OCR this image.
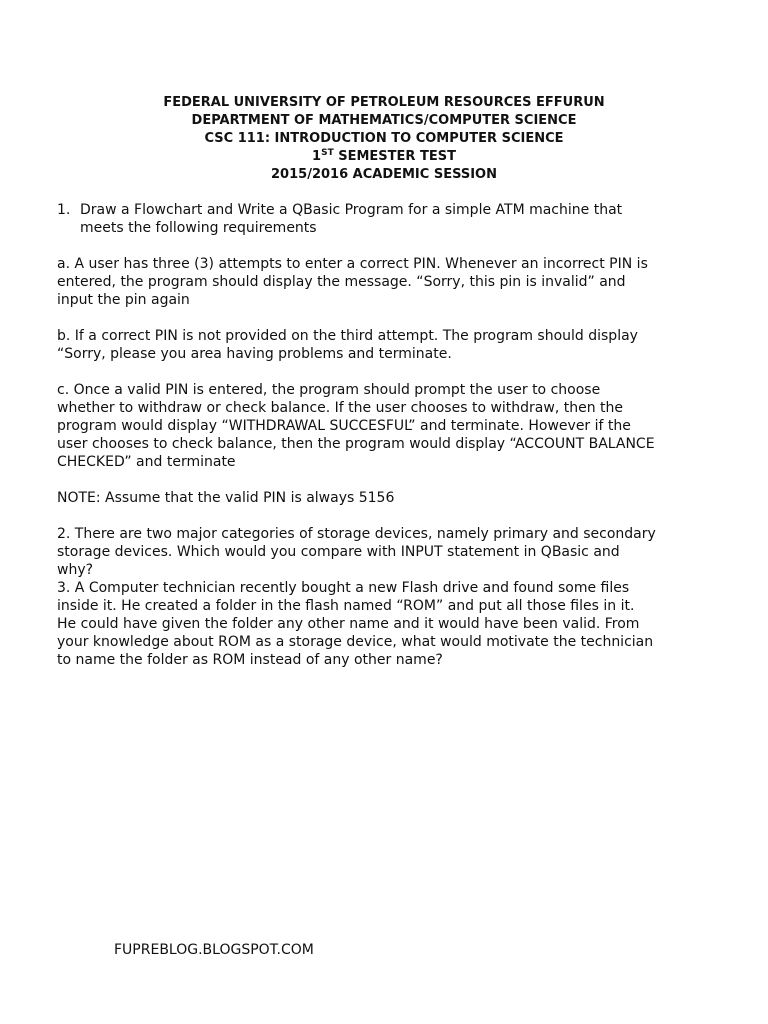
FEDERAL UNIVERSITY OF PETROLEUM RESOURCES EFFURUN
DEPARTMENT OF MATHEMATICS/COMPUTER SCIENCE
CSC 111: INTRODUCTION TO COMPUTER SCIENCE
1ST SEMESTER TEST
2015/2016 ACADEMIC SESSION
1. Draw a Flowchart and Write a QBasic Program for a simple ATM machine that meets the following requirements
a. A user has three (3) attempts to enter a correct PIN. Whenever an incorrect PIN is entered, the program should display the message. “Sorry, this pin is invalid” and input the pin again
b. If a correct PIN is not provided on the third attempt. The program should display “Sorry, please you area having problems and terminate.
c. Once a valid PIN is entered, the program should prompt the user to choose whether to withdraw or check balance. If the user chooses to withdraw, then the program would display “WITHDRAWAL SUCCESFUL” and terminate. However if the user chooses to check balance, then the program would display “ACCOUNT BALANCE CHECKED” and terminate
NOTE: Assume that the valid PIN is always 5156
2. There are two major categories of storage devices, namely primary and secondary storage devices. Which would you compare with INPUT statement in QBasic and why?
3. A Computer technician recently bought a new Flash drive and found some files inside it. He created a folder in the flash named “ROM” and put all those files in it. He could have given the folder any other name and it would have been valid. From your knowledge about ROM as a storage device, what would motivate the technician to name the folder as ROM instead of any other name?
FUPREBLOG.BLOGSPOT.COM
